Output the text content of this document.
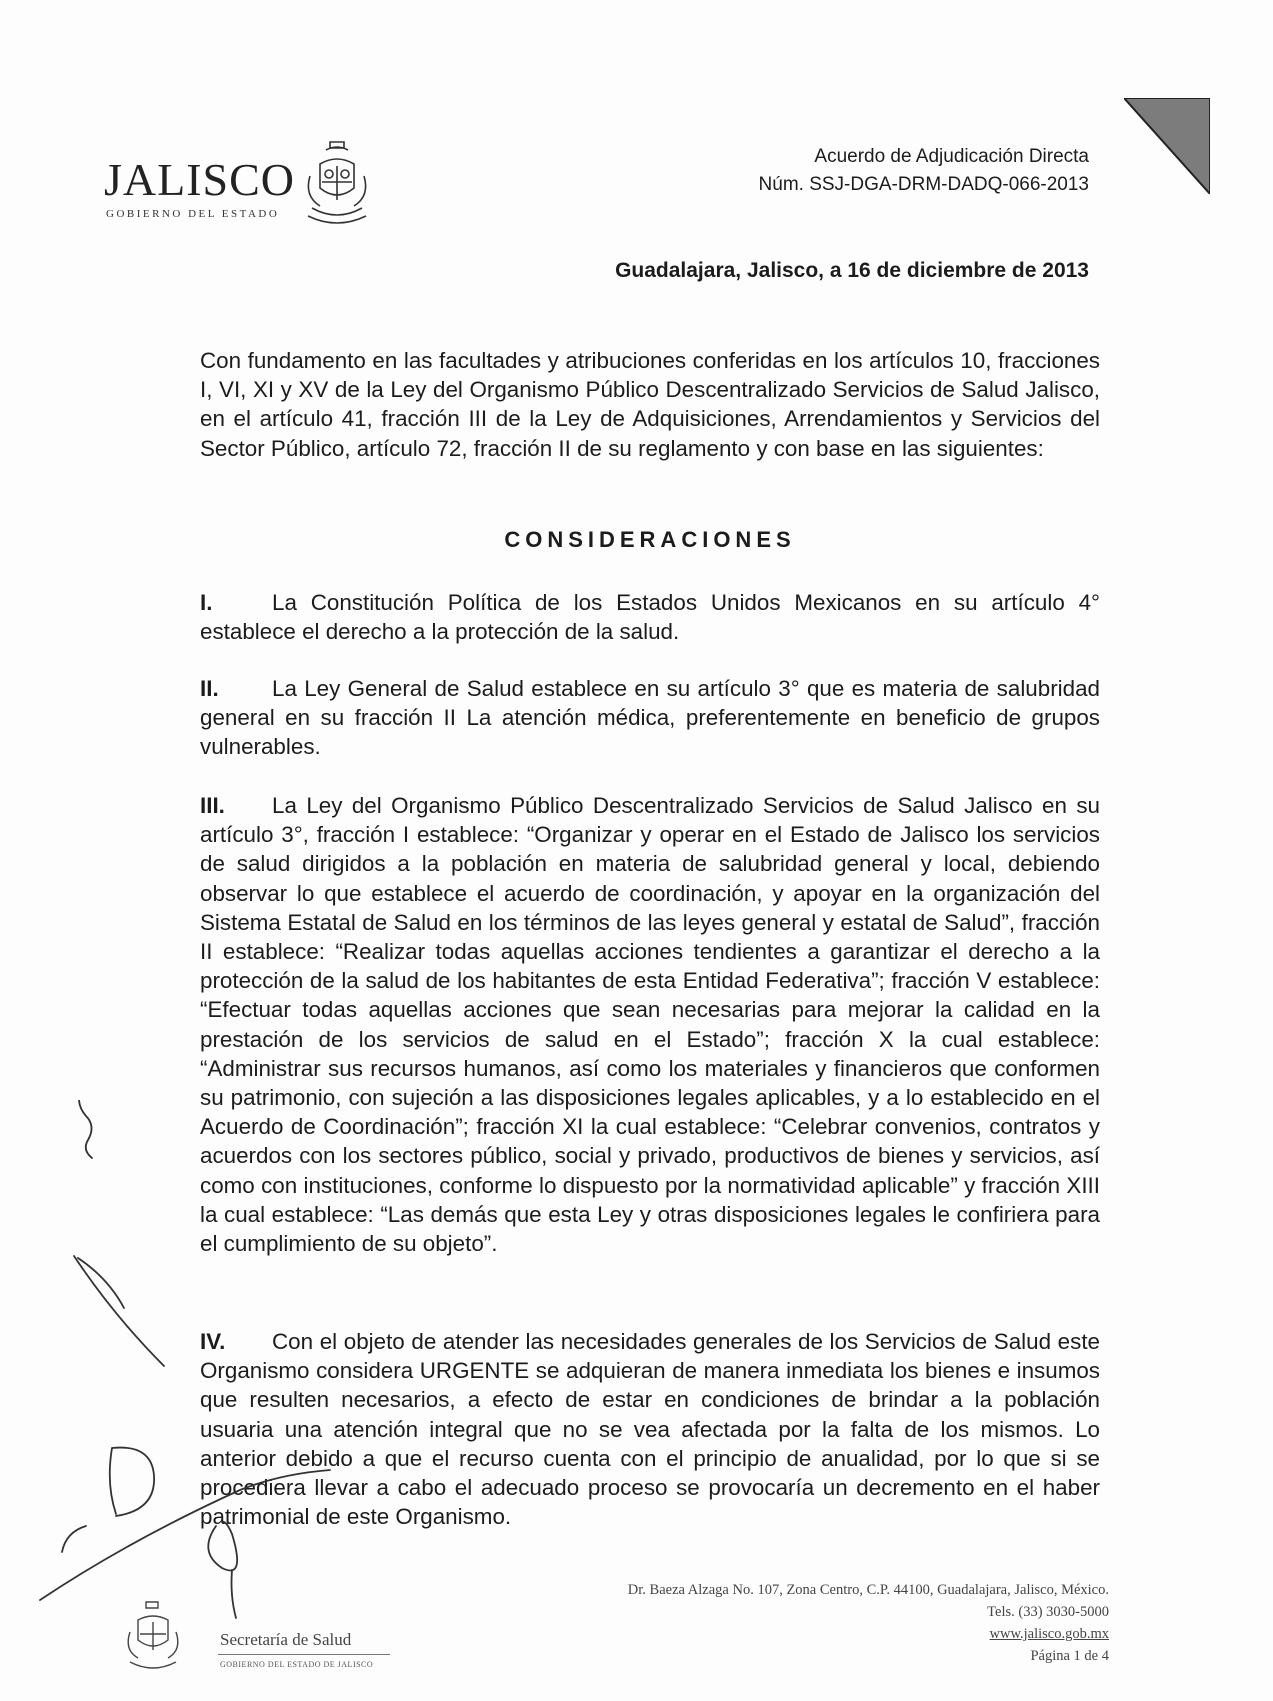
JALISCO
GOBIERNO DEL ESTADO
Acuerdo de Adjudicación Directa
Núm. SSJ-DGA-DRM-DADQ-066-2013
Guadalajara, Jalisco, a 16 de diciembre de 2013

Con fundamento en las facultades y atribuciones conferidas en los artículos 10, fracciones I, VI, XI y XV de la Ley del Organismo Público Descentralizado Servicios de Salud Jalisco, en el artículo 41, fracción III de la Ley de Adquisiciones, Arrendamientos y Servicios del Sector Público, artículo 72, fracción II de su reglamento y con base en las siguientes:

CONSIDERACIONES

I.	La Constitución Política de los Estados Unidos Mexicanos en su artículo 4° establece el derecho a la protección de la salud.

II. La Ley General de Salud establece en su artículo 3° que es materia de salubridad general en su fracción II La atención médica, preferentemente en beneficio de grupos vulnerables.

III. La Ley del Organismo Público Descentralizado Servicios de Salud Jalisco en su artículo 3°, fracción I establece: “Organizar y operar en el Estado de Jalisco los servicios de salud dirigidos a la población en materia de salubridad general y local, debiendo observar lo que establece el acuerdo de coordinación, y apoyar en la organización del Sistema Estatal de Salud en los términos de las leyes general y estatal de Salud”, fracción II establece: “Realizar todas aquellas acciones tendientes a garantizar el derecho a la protección de la salud de los habitantes de esta Entidad Federativa”; fracción V establece: “Efectuar todas aquellas acciones que sean necesarias para mejorar la calidad en la prestación de los servicios de salud en el Estado”; fracción X la cual establece: “Administrar sus recursos humanos, así como los materiales y financieros que conformen su patrimonio, con sujeción a las disposiciones legales aplicables, y a lo establecido en el Acuerdo de Coordinación”; fracción XI la cual establece: “Celebrar convenios, contratos y acuerdos con los sectores público, social y privado, productivos de bienes y servicios, así como con instituciones, conforme lo dispuesto por la normatividad aplicable” y fracción XIII la cual establece: “Las demás que esta Ley y otras disposiciones legales le confiriera para el cumplimiento de su objeto”.

IV. Con el objeto de atender las necesidades generales de los Servicios de Salud este Organismo considera URGENTE se adquieran de manera inmediata los bienes e insumos que resulten necesarios, a efecto de estar en condiciones de brindar a la población usuaria una atención integral que no se vea afectada por la falta de los mismos. Lo anterior debido a que el recurso cuenta con el principio de anualidad, por lo que si se procediera llevar a cabo el adecuado proceso se provocaría un decremento en el haber patrimonial de este Organismo.

Secretaría de Salud
GOBIERNO DEL ESTADO DE JALISCO
Dr. Baeza Alzaga No. 107, Zona Centro, C.P. 44100, Guadalajara, Jalisco, México.
Tels. (33) 3030-5000
www.jalisco.gob.mx
Página 1 de 4
